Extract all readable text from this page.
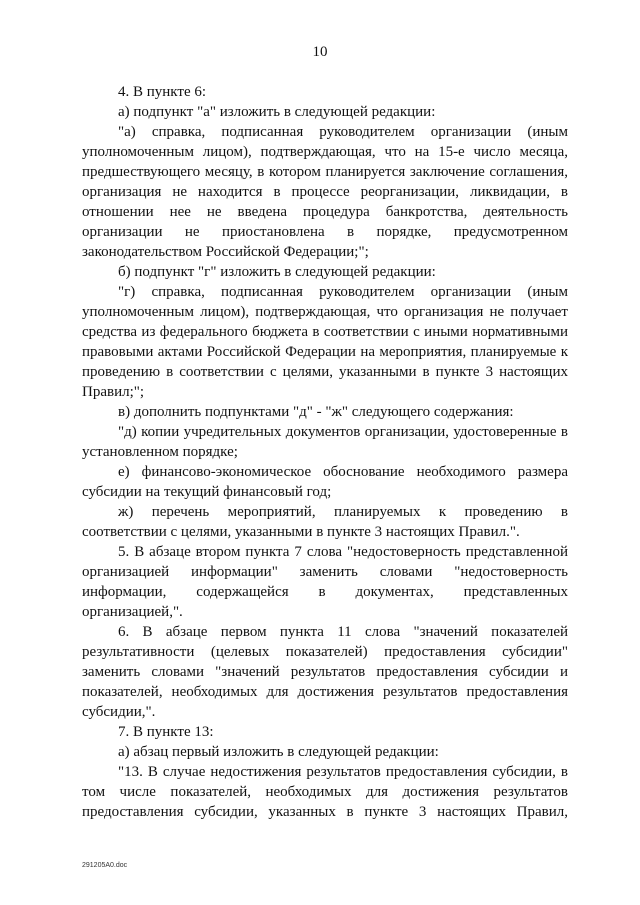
10

4. В пункте 6:

а) подпункт "а" изложить в следующей редакции:

"а) справка, подписанная руководителем организации (иным уполномоченным лицом), подтверждающая, что на 15-е число месяца, предшествующего месяцу, в котором планируется заключение соглашения, организация не находится в процессе реорганизации, ликвидации, в отношении нее не введена процедура банкротства, деятельность организации не приостановлена в порядке, предусмотренном законодательством Российской Федерации;";

б) подпункт "г" изложить в следующей редакции:

"г) справка, подписанная руководителем организации (иным уполномоченным лицом), подтверждающая, что организация не получает средства из федерального бюджета в соответствии с иными нормативными правовыми актами Российской Федерации на мероприятия, планируемые к проведению в соответствии с целями, указанными в пункте 3 настоящих Правил;";

в) дополнить подпунктами "д" - "ж" следующего содержания:

"д) копии учредительных документов организации, удостоверенные в установленном порядке;

е) финансово-экономическое обоснование необходимого размера субсидии на текущий финансовый год;

ж) перечень мероприятий, планируемых к проведению в соответствии с целями, указанными в пункте 3 настоящих Правил.".

5. В абзаце втором пункта 7 слова "недостоверность представленной организацией информации" заменить словами "недостоверность информации, содержащейся в документах, представленных организацией,".

6. В абзаце первом пункта 11 слова "значений показателей результативности (целевых показателей) предоставления субсидии" заменить словами "значений результатов предоставления субсидии и показателей, необходимых для достижения результатов предоставления субсидии,".

7. В пункте 13:

а) абзац первый изложить в следующей редакции:

"13. В случае недостижения результатов предоставления субсидии, в том числе показателей, необходимых для достижения результатов предоставления субсидии, указанных в пункте 3 настоящих Правил,

291205A0.doc
